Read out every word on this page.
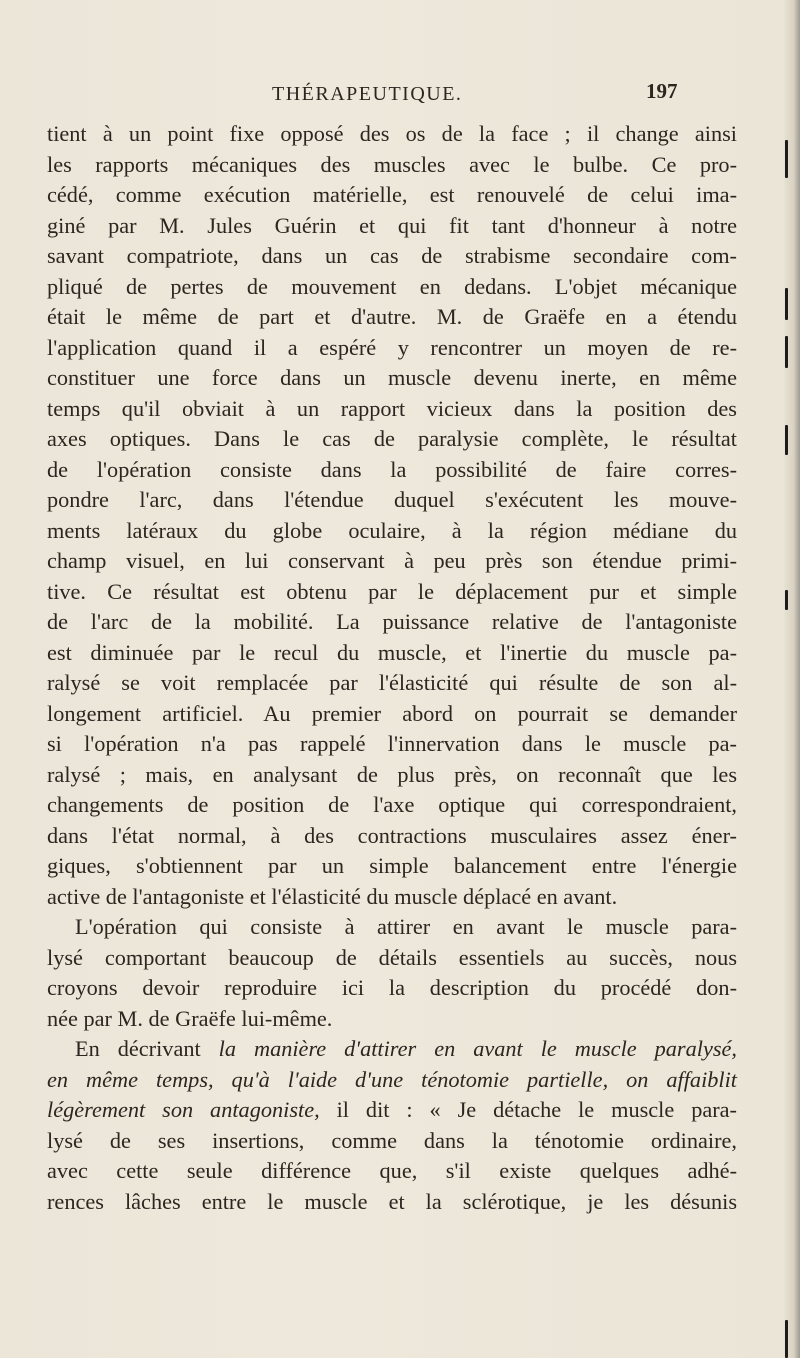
THÉRAPEUTIQUE.	197
tient à un point fixe opposé des os de la face ; il change ainsi
les rapports mécaniques des muscles avec le bulbe. Ce pro-
cédé, comme exécution matérielle, est renouvelé de celui ima-
giné par M. Jules Guérin et qui fit tant d'honneur à notre
savant compatriote, dans un cas de strabisme secondaire com-
pliqué de pertes de mouvement en dedans. L'objet mécanique
était le même de part et d'autre. M. de Graëfe en a étendu
l'application quand il a espéré y rencontrer un moyen de re-
constituer une force dans un muscle devenu inerte, en même
temps qu'il obviait à un rapport vicieux dans la position des
axes optiques. Dans le cas de paralysie complète, le résultat
de l'opération consiste dans la possibilité de faire corres-
pondre l'arc, dans l'étendue duquel s'exécutent les mouve-
ments latéraux du globe oculaire, à la région médiane du
champ visuel, en lui conservant à peu près son étendue primi-
tive. Ce résultat est obtenu par le déplacement pur et simple
de l'arc de la mobilité. La puissance relative de l'antagoniste
est diminuée par le recul du muscle, et l'inertie du muscle pa-
ralysé se voit remplacée par l'élasticité qui résulte de son al-
longement artificiel. Au premier abord on pourrait se demander
si l'opération n'a pas rappelé l'innervation dans le muscle pa-
ralysé ; mais, en analysant de plus près, on reconnaît que les
changements de position de l'axe optique qui correspondraient,
dans l'état normal, à des contractions musculaires assez éner-
giques, s'obtiennent par un simple balancement entre l'énergie
active de l'antagoniste et l'élasticité du muscle déplacé en avant.
L'opération qui consiste à attirer en avant le muscle para-
lysé comportant beaucoup de détails essentiels au succès, nous
croyons devoir reproduire ici la description du procédé don-
née par M. de Graëfe lui-même.
En décrivant la manière d'attirer en avant le muscle paralysé,
en même temps, qu'à l'aide d'une ténotomie partielle, on affaiblit
légèrement son antagoniste, il dit : « Je détache le muscle para-
lysé de ses insertions, comme dans la ténotomie ordinaire,
avec cette seule différence que, s'il existe quelques adhé-
rences lâches entre le muscle et la sclérotique, je les désunis
